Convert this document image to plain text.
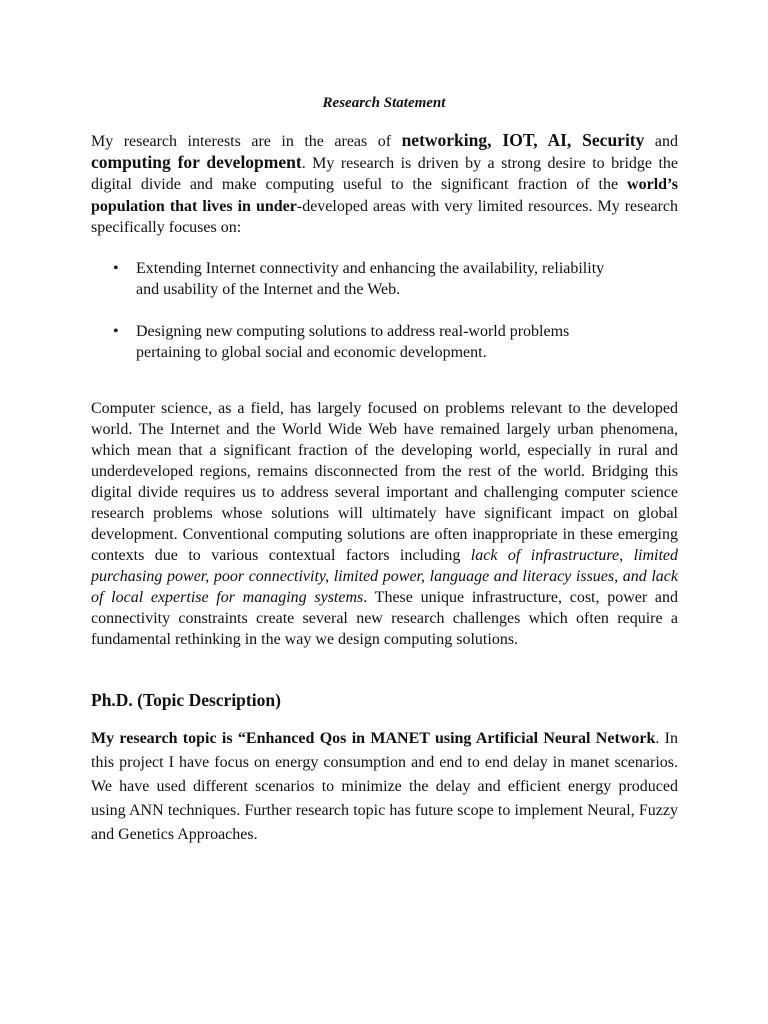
Research Statement

My research interests are in the areas of networking, IOT, AI, Security and computing for development. My research is driven by a strong desire to bridge the digital divide and make computing useful to the significant fraction of the world’s population that lives in under-developed areas with very limited resources. My research specifically focuses on:

• Extending Internet connectivity and enhancing the availability, reliability
and usability of the Internet and the Web.
• Designing new computing solutions to address real-world problems
pertaining to global social and economic development.

Computer science, as a field, has largely focused on problems relevant to the developed world. The Internet and the World Wide Web have remained largely urban phenomena, which mean that a significant fraction of the developing world, especially in rural and underdeveloped regions, remains disconnected from the rest of the world. Bridging this digital divide requires us to address several important and challenging computer science research problems whose solutions will ultimately have significant impact on global development. Conventional computing solutions are often inappropriate in these emerging contexts due to various contextual factors including lack of infrastructure, limited purchasing power, poor connectivity, limited power, language and literacy issues, and lack of local expertise for managing systems. These unique infrastructure, cost, power and connectivity constraints create several new research challenges which often require a fundamental rethinking in the way we design computing solutions.

Ph.D. (Topic Description)

My research topic is “Enhanced Qos in MANET using Artificial Neural Network. In this project I have focus on energy consumption and end to end delay in manet scenarios. We have used different scenarios to minimize the delay and efficient energy produced using ANN techniques. Further research topic has future scope to implement Neural, Fuzzy and Genetics Approaches.
